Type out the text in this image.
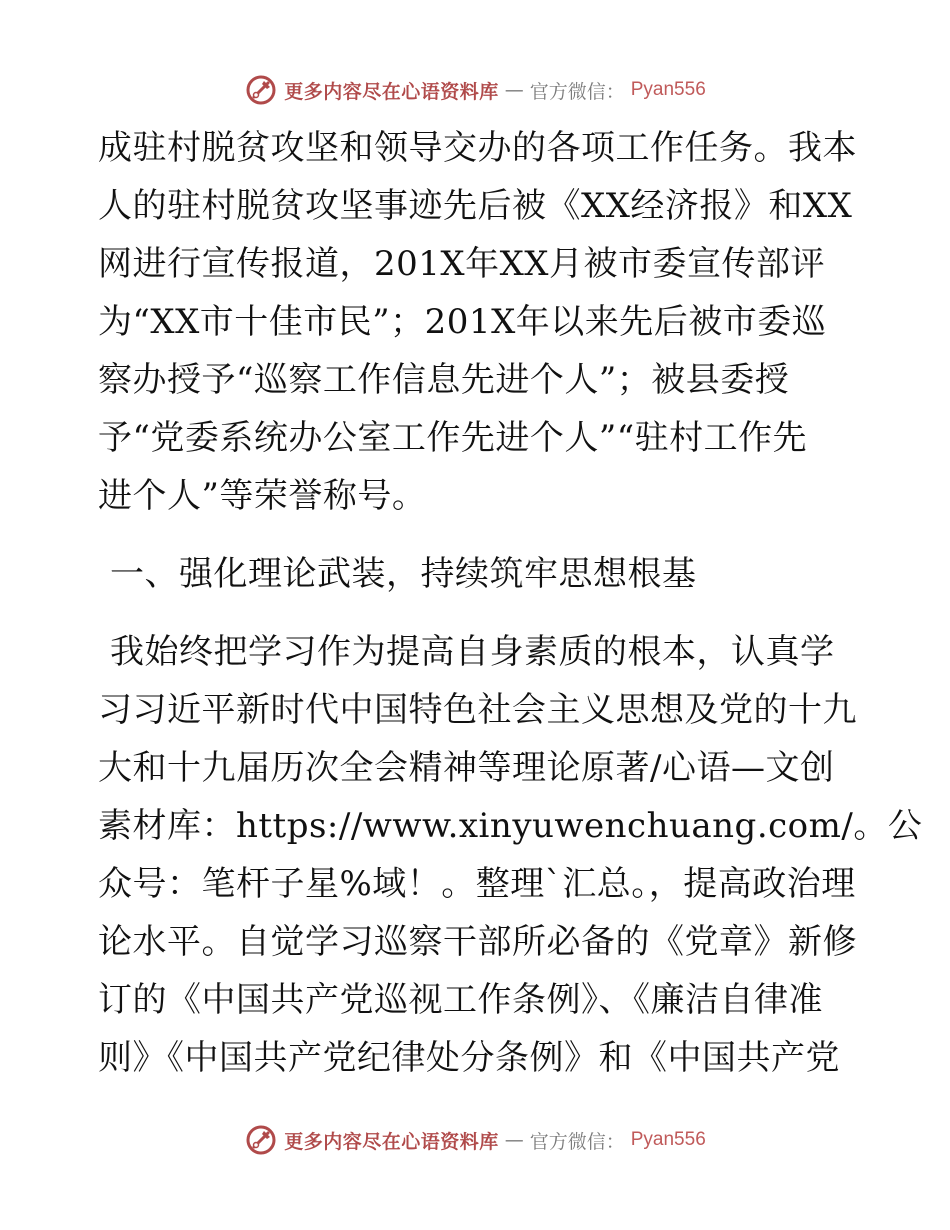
更多内容尽在心语资料库 — 官方微信： Pyan556
成驻村脱贫攻坚和领导交办的各项工作任务。我本
人的驻村脱贫攻坚事迹先后被《XX经济报》和XX
网进行宣传报道，201X年XX月被市委宣传部评
为“XX市十佳市民”；201X年以来先后被市委巡
察办授予“巡察工作信息先进个人”；被县委授
予“党委系统办公室工作先进个人”“驻村工作先
进个人”等荣誉称号。
一、强化理论武装，持续筑牢思想根基
我始终把学习作为提高自身素质的根本，认真学
习习近平新时代中国特色社会主义思想及党的十九
大和十九届历次全会精神等理论原著/心语—文创
素材库：https://www.xinyuwenchuang.com/。公
众号：笔杆子星%域！。整理`汇总。，提高政治理
论水平。自觉学习巡察干部所必备的《党章》新修
订的《中国共产党巡视工作条例》、《廉洁自律准
则》《中国共产党纪律处分条例》和《中国共产党
更多内容尽在心语资料库 — 官方微信： Pyan556
